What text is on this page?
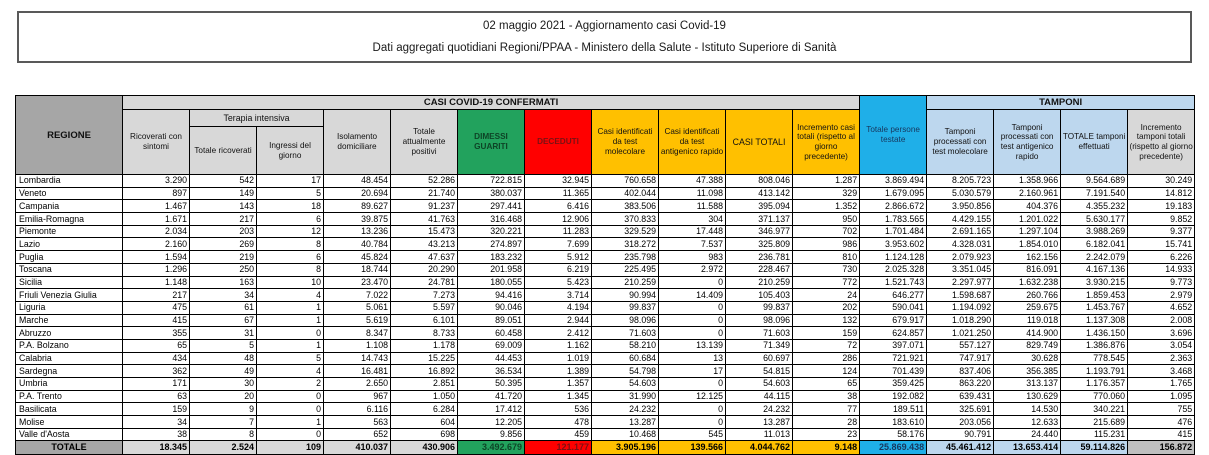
02 maggio 2021 - Aggiornamento casi Covid-19
Dati aggregati quotidiani Regioni/PPAA - Ministero della Salute - Istituto Superiore di Sanità
REGIONE	CASI COVID-19 CONFERMATI											Totale persone testate	TAMPONI			
	Ricoverati con sintomi	Terapia intensiva		Isolamento domiciliare	Totale attualmente positivi	DIMESSI GUARITI	DECEDUTI	Casi identificati da test molecolare	Casi identificati da test antigenico rapido	CASI TOTALI	Incremento casi totali (rispetto al giorno precedente)		Tamponi processati con test molecolare	Tamponi processati con test antigenico rapido	TOTALE tamponi effettuati	Incremento tamponi totali (rispetto al giorno precedente)
		Totale ricoverati	Ingressi del giorno													
Lombardia	3.290	542	17	48.454	52.286	722.815	32.945	760.658	47.388	808.046	1.287	3.869.494	8.205.723	1.358.966	9.564.689	30.249
Veneto	897	149	5	20.694	21.740	380.037	11.365	402.044	11.098	413.142	329	1.679.095	5.030.579	2.160.961	7.191.540	14.812
Campania	1.467	143	18	89.627	91.237	297.441	6.416	383.506	11.588	395.094	1.352	2.866.672	3.950.856	404.376	4.355.232	19.183
Emilia-Romagna	1.671	217	6	39.875	41.763	316.468	12.906	370.833	304	371.137	950	1.783.565	4.429.155	1.201.022	5.630.177	9.852
Piemonte	2.034	203	12	13.236	15.473	320.221	11.283	329.529	17.448	346.977	702	1.701.484	2.691.165	1.297.104	3.988.269	9.377
Lazio	2.160	269	8	40.784	43.213	274.897	7.699	318.272	7.537	325.809	986	3.953.602	4.328.031	1.854.010	6.182.041	15.741
Puglia	1.594	219	6	45.824	47.637	183.232	5.912	235.798	983	236.781	810	1.124.128	2.079.923	162.156	2.242.079	6.226
Toscana	1.296	250	8	18.744	20.290	201.958	6.219	225.495	2.972	228.467	730	2.025.328	3.351.045	816.091	4.167.136	14.933
Sicilia	1.148	163	10	23.470	24.781	180.055	5.423	210.259	0	210.259	772	1.521.743	2.297.977	1.632.238	3.930.215	9.773
Friuli Venezia Giulia	217	34	4	7.022	7.273	94.416	3.714	90.994	14.409	105.403	24	646.277	1.598.687	260.766	1.859.453	2.979
Liguria	475	61	1	5.061	5.597	90.046	4.194	99.837	0	99.837	202	590.041	1.194.092	259.675	1.453.767	4.652
Marche	415	67	1	5.619	6.101	89.051	2.944	98.096	0	98.096	132	679.917	1.018.290	119.018	1.137.308	2.008
Abruzzo	355	31	0	8.347	8.733	60.458	2.412	71.603	0	71.603	159	624.857	1.021.250	414.900	1.436.150	3.696
P.A. Bolzano	65	5	1	1.108	1.178	69.009	1.162	58.210	13.139	71.349	72	397.071	557.127	829.749	1.386.876	3.054
Calabria	434	48	5	14.743	15.225	44.453	1.019	60.684	13	60.697	286	721.921	747.917	30.628	778.545	2.363
Sardegna	362	49	4	16.481	16.892	36.534	1.389	54.798	17	54.815	124	701.439	837.406	356.385	1.193.791	3.468
Umbria	171	30	2	2.650	2.851	50.395	1.357	54.603	0	54.603	65	359.425	863.220	313.137	1.176.357	1.765
P.A. Trento	63	20	0	967	1.050	41.720	1.345	31.990	12.125	44.115	38	192.082	639.431	130.629	770.060	1.095
Basilicata	159	9	0	6.116	6.284	17.412	536	24.232	0	24.232	77	189.511	325.691	14.530	340.221	755
Molise	34	7	1	563	604	12.205	478	13.287	0	13.287	28	183.610	203.056	12.633	215.689	476
Valle d'Aosta	38	8	0	652	698	9.856	459	10.468	545	11.013	23	58.176	90.791	24.440	115.231	415
TOTALE	18.345	2.524	109	410.037	430.906	3.492.679	121.177	3.905.196	139.566	4.044.762	9.148	25.869.438	45.461.412	13.653.414	59.114.826	156.872
